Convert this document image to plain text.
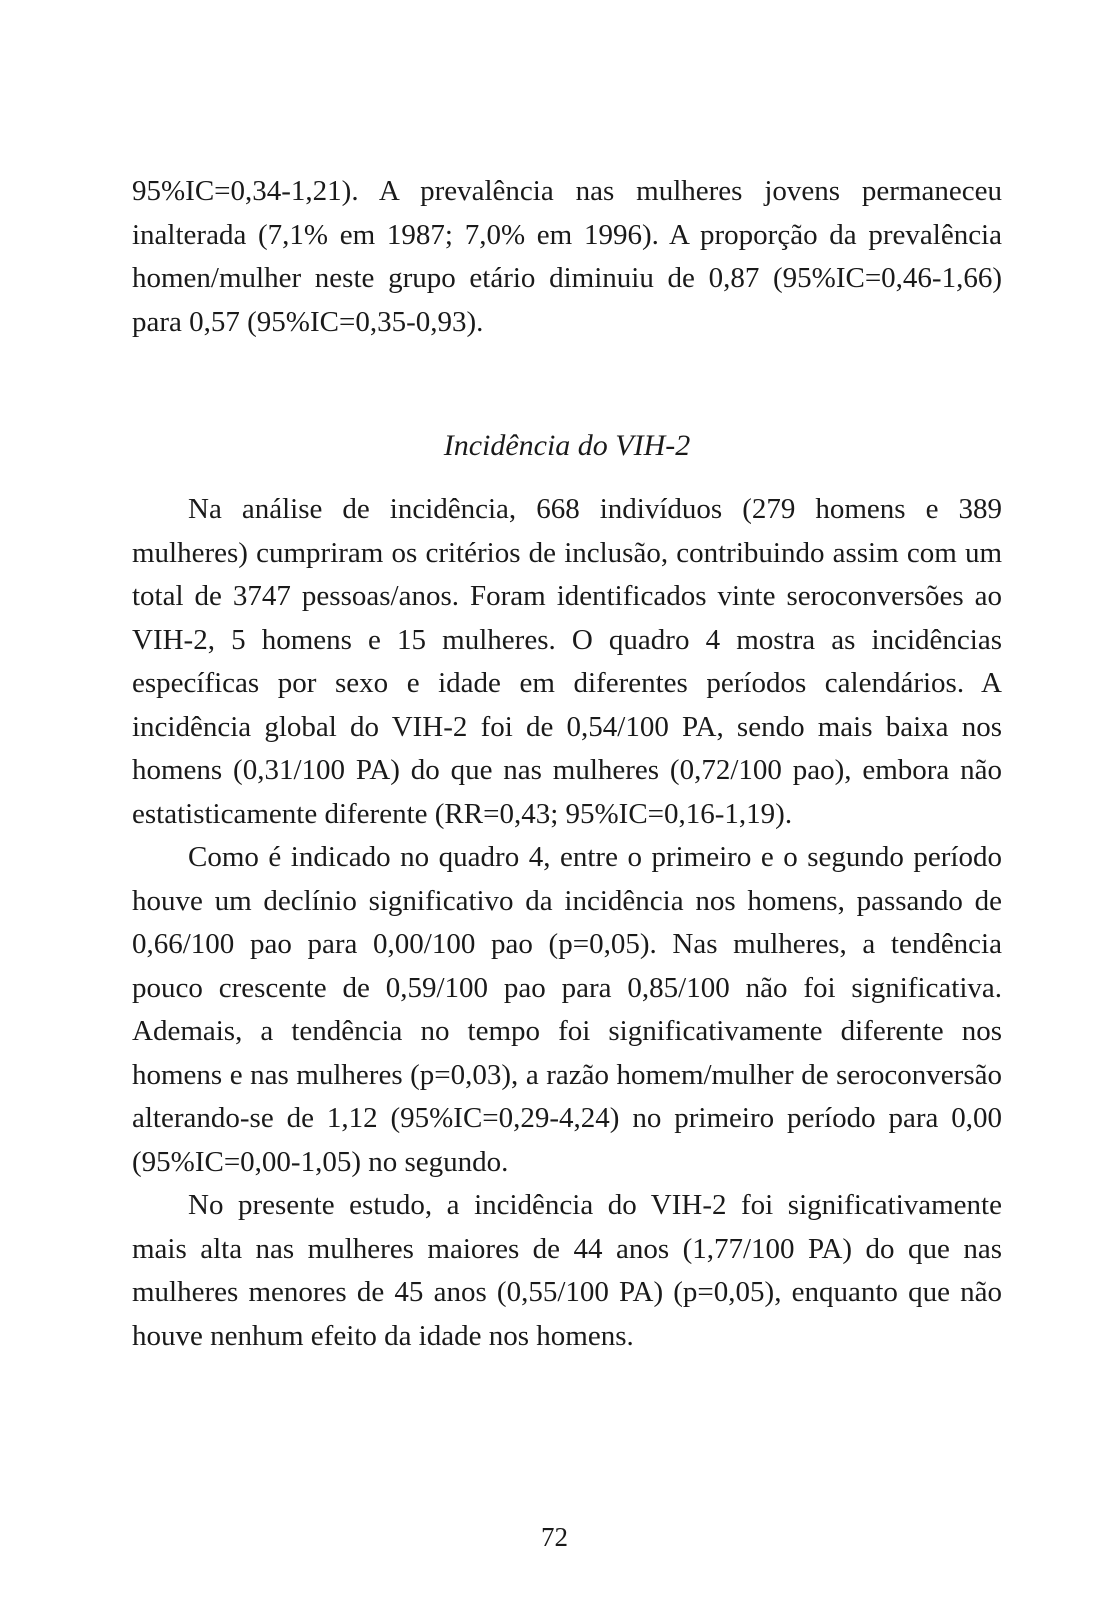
95%IC=0,34-1,21). A prevalência nas mulheres jovens permaneceu inalterada (7,1% em 1987; 7,0% em 1996). A proporção da prevalência homen/mulher neste grupo etário diminuiu de 0,87 (95%IC=0,46-1,66) para 0,57 (95%IC=0,35-0,93).

Incidência do VIH-2

Na análise de incidência, 668 indivíduos (279 homens e 389 mulheres) cumpriram os critérios de inclusão, contribuindo assim com um total de 3747 pessoas/anos. Foram identificados vinte seroconversões ao VIH-2, 5 homens e 15 mulheres. O quadro 4 mostra as incidências específicas por sexo e idade em diferentes períodos calendários. A incidência global do VIH-2 foi de 0,54/100 PA, sendo mais baixa nos homens (0,31/100 PA) do que nas mulheres (0,72/100 pao), embora não estatisticamente diferente (RR=0,43; 95%IC=0,16-1,19).

Como é indicado no quadro 4, entre o primeiro e o segundo período houve um declínio significativo da incidência nos homens, passando de 0,66/100 pao para 0,00/100 pao (p=0,05). Nas mulheres, a tendência pouco crescente de 0,59/100 pao para 0,85/100 não foi significativa. Ademais, a tendência no tempo foi significativamente diferente nos homens e nas mulheres (p=0,03), a razão homem/mulher de seroconversão alterando-se de 1,12 (95%IC=0,29-4,24) no primeiro período para 0,00 (95%IC=0,00-1,05) no segundo.

No presente estudo, a incidência do VIH-2 foi significativamente mais alta nas mulheres maiores de 44 anos (1,77/100 PA) do que nas mulheres menores de 45 anos (0,55/100 PA) (p=0,05), enquanto que não houve nenhum efeito da idade nos homens.

72
